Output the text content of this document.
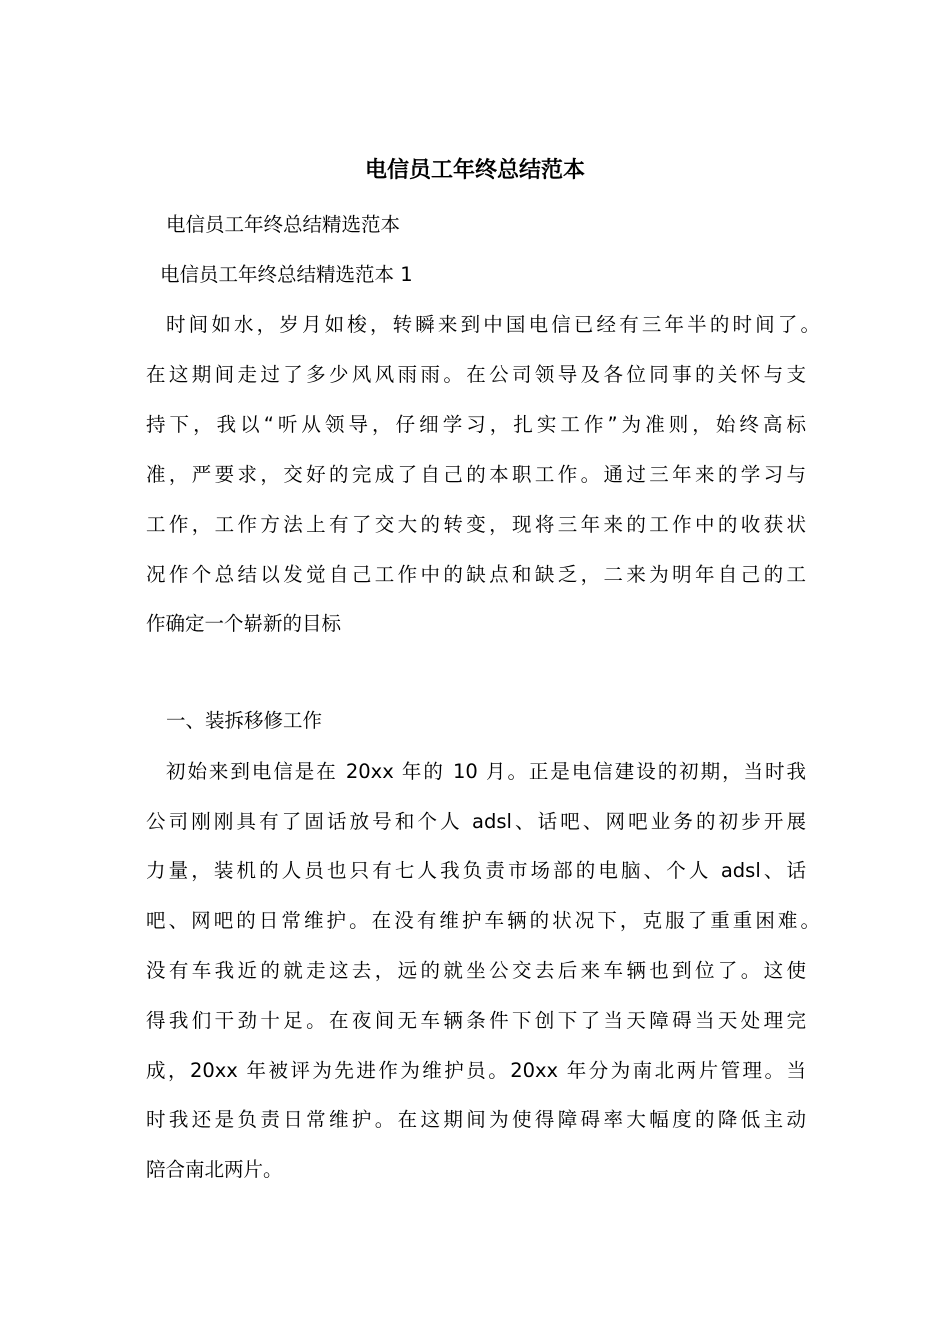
电信员工年终总结范本

电信员工年终总结精选范本

电信员工年终总结精选范本 1

时间如水，岁月如梭，转瞬来到中国电信已经有三年半的时间了。

在这期间走过了多少风风雨雨。在公司领导及各位同事的关怀与支

持下，我以“听从领导，仔细学习，扎实工作”为准则，始终高标

准，严要求，交好的完成了自己的本职工作。通过三年来的学习与

工作，工作方法上有了交大的转变，现将三年来的工作中的收获状

况作个总结以发觉自己工作中的缺点和缺乏，二来为明年自己的工

作确定一个崭新的目标

一、装拆移修工作

初始来到电信是在 20xx 年的 10 月。正是电信建设的初期，当时我

公司刚刚具有了固话放号和个人 adsl、话吧、网吧业务的初步开展

力量，装机的人员也只有七人我负责市场部的电脑、个人 adsl、话

吧、网吧的日常维护。在没有维护车辆的状况下，克服了重重困难。

没有车我近的就走这去，远的就坐公交去后来车辆也到位了。这使

得我们干劲十足。在夜间无车辆条件下创下了当天障碍当天处理完

成，20xx 年被评为先进作为维护员。20xx 年分为南北两片管理。当

时我还是负责日常维护。在这期间为使得障碍率大幅度的降低主动

陪合南北两片。
